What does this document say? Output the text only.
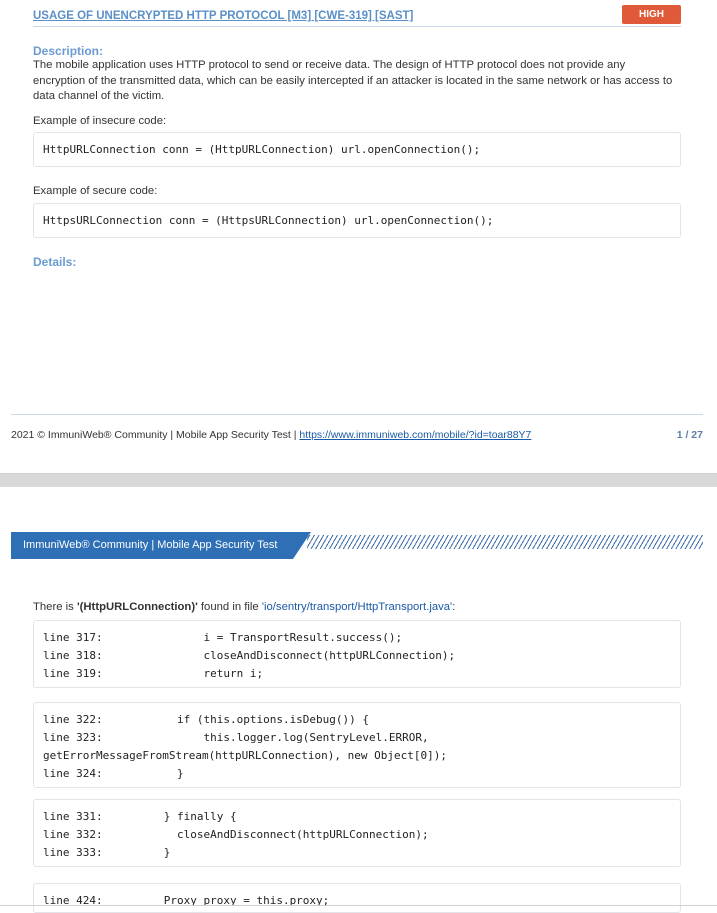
USAGE OF UNENCRYPTED HTTP PROTOCOL [M3] [CWE-319] [SAST]	HIGH
Description:
The mobile application uses HTTP protocol to send or receive data. The design of HTTP protocol does not provide any encryption of the transmitted data, which can be easily intercepted if an attacker is located in the same network or has access to data channel of the victim.
Example of insecure code:
HttpURLConnection conn = (HttpURLConnection) url.openConnection();
Example of secure code:
HttpsURLConnection conn = (HttpsURLConnection) url.openConnection();
Details:
2021 © ImmuniWeb® Community | Mobile App Security Test | https://www.immuniweb.com/mobile/?id=toar88Y7	1 / 27
ImmuniWeb® Community | Mobile App Security Test
There is '(HttpURLConnection)' found in file 'io/sentry/transport/HttpTransport.java':
line 317:	i = TransportResult.success();
line 318:	closeAndDisconnect(httpURLConnection);
line 319:	return i;
line 322:	if (this.options.isDebug()) {
line 323:	this.logger.log(SentryLevel.ERROR,
getErrorMessageFromStream(httpURLConnection), new Object[0]);
line 324:	}
line 331:	} finally {
line 332:	closeAndDisconnect(httpURLConnection);
line 333:	}
line 424:	Proxy proxy = this.proxy;
